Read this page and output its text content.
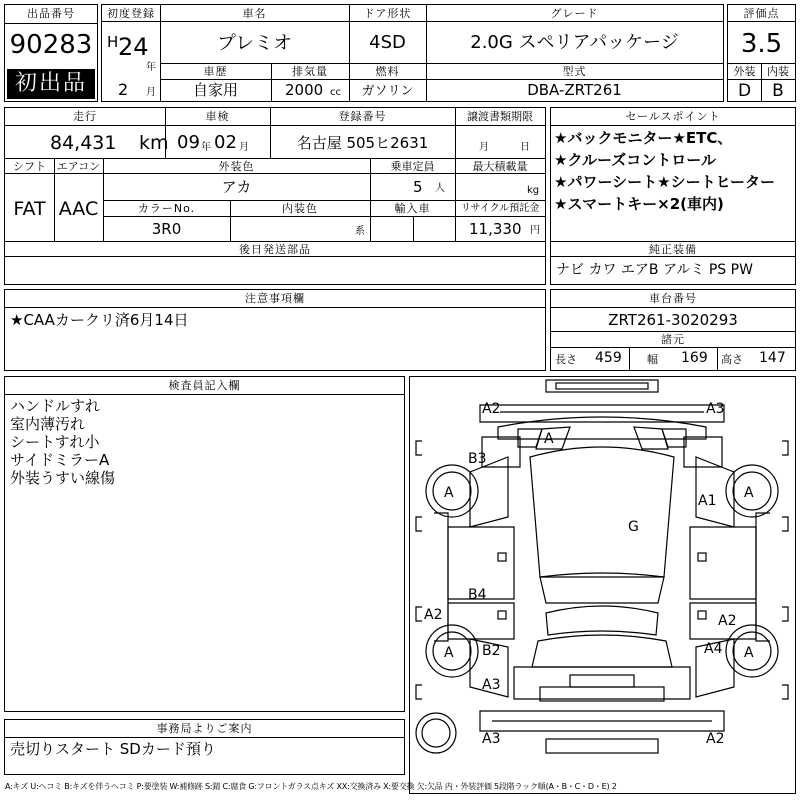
出品番号
90283
初出品
初度登録
H 24
年
2 月
車名
プレミオ
ドア形状
4SD
グレード
2.0G スペリアパッケージ
車歴
自家用
排気量
2000 cc
燃料
ガソリン
型式
DBA-ZRT261
評価点
3.5
外装	内装
D	B
走行
84,431 km
車検
09 年 02 月
登録番号
名古屋 505ヒ2631
譲渡書類期限
月	日
シフト
FAT
エアコン
AAC
外装色
アカ
乗車定員
5 人
最大積載量
kg
カラーNo.
3R0
内装色
系
輸入車	リサイクル預託金
11,330 円
後日発送部品
セールスポイント
★バックモニター★ETC、
★クルーズコントロール
★パワーシート★シートヒーター
★スマートキー×2(車内)
純正装備
ナビ カワ エアB アルミ PS PW
注意事項欄
★CAAカークリ済6月14日
車台番号
ZRT261-3020293
諸元
長さ 459 幅 169 高さ 147
検査員記入欄
ハンドルすれ
室内薄汚れ
シートすれ小
サイドミラーA
外装うすい線傷
A2	A3
A
B3
A	A
A1
G
B4
A2	A2
B2
A	A
A4
A3
A3	A2
事務局よりご案内
売切りスタート SDカード預り
A:キズ U:ヘコミ B:キズを伴うヘコミ P:要塗装 W:補修跡 S:錆 C:腐食 G:フロントガラス点キズ XX:交換済み X:要交換 欠:欠品 内・外装評価 5段階ラック順(A・B・C・D・E) 2
